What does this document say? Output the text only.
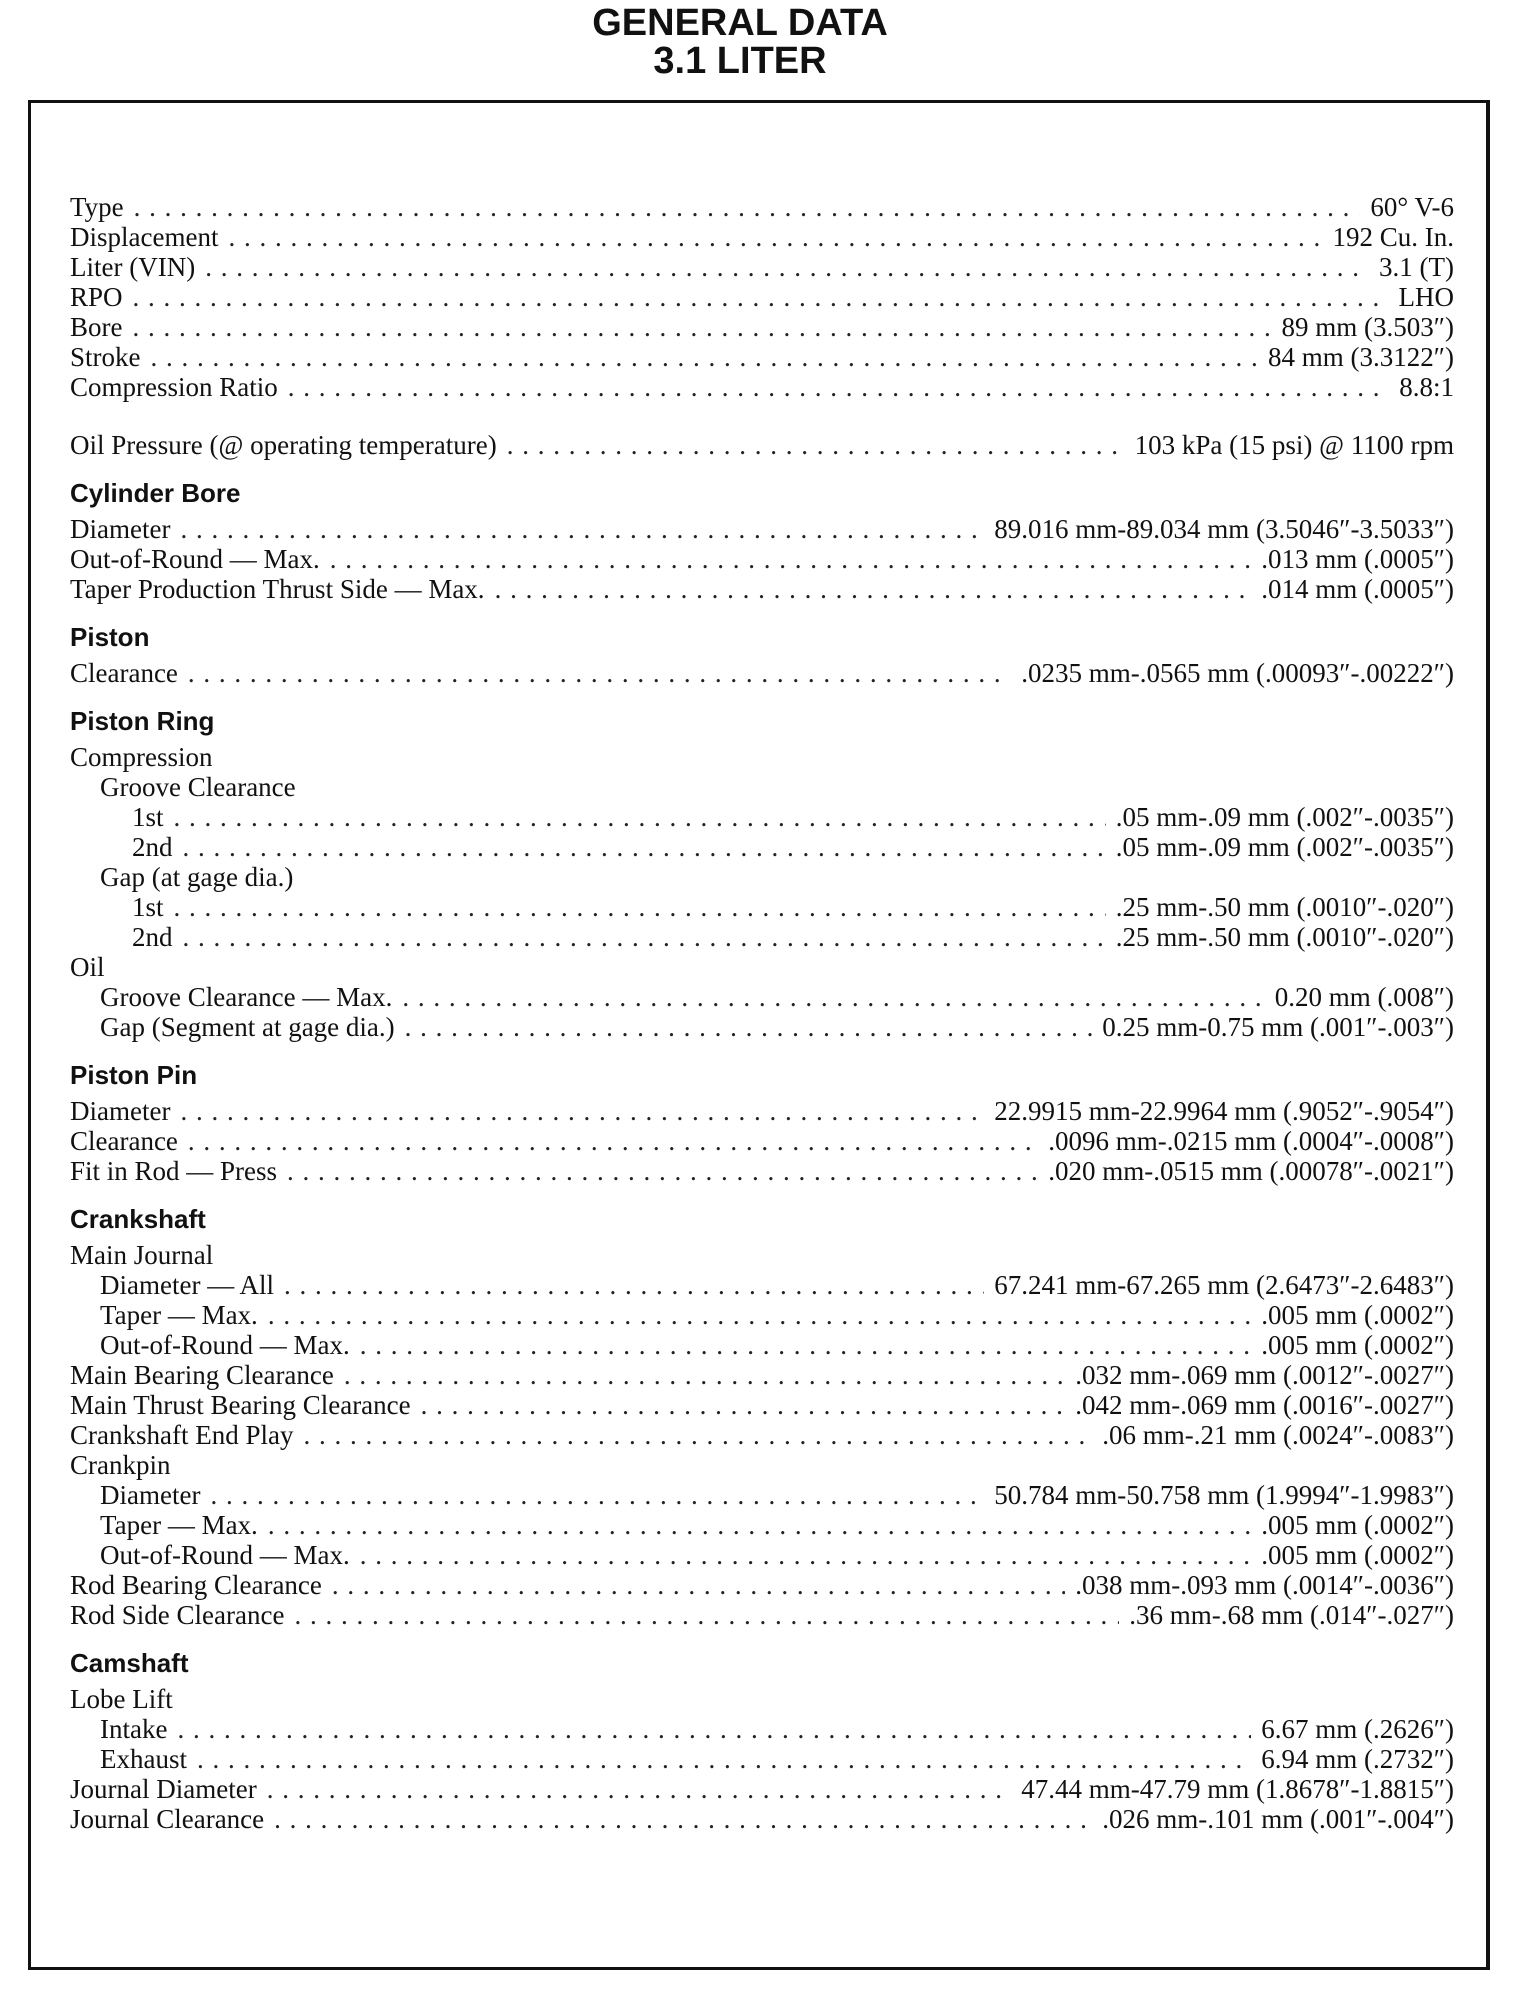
GENERAL DATA
3.1 LITER
Type . . .	60° V-6
Displacement . . .	192 Cu. In.
Liter (VIN) . . .	3.1 (T)
RPO . . .	LHO
Bore . . .	89 mm (3.503″)
Stroke . . .	84 mm (3.3122″)
Compression Ratio . . .	8.8:1
Oil Pressure (@ operating temperature) . . .	103 kPa (15 psi) @ 1100 rpm
Cylinder Bore
Diameter . . .	89.016 mm-89.034 mm (3.5046″-3.5033″)
Out-of-Round — Max. . . .	.013 mm (.0005″)
Taper Production Thrust Side — Max. . . .	.014 mm (.0005″)
Piston
Clearance . . .	.0235 mm-.0565 mm (.00093″-.00222″)
Piston Ring
Compression
Groove Clearance
1st . . .	.05 mm-.09 mm (.002″-.0035″)
2nd . . .	.05 mm-.09 mm (.002″-.0035″)
Gap (at gage dia.)
1st . . .	.25 mm-.50 mm (.0010″-.020″)
2nd . . .	.25 mm-.50 mm (.0010″-.020″)
Oil
Groove Clearance — Max. . . .	0.20 mm (.008″)
Gap (Segment at gage dia.) . . .	0.25 mm-0.75 mm (.001″-.003″)
Piston Pin
Diameter . . .	22.9915 mm-22.9964 mm (.9052″-.9054″)
Clearance . . .	.0096 mm-.0215 mm (.0004″-.0008″)
Fit in Rod — Press . . .	.020 mm-.0515 mm (.00078″-.0021″)
Crankshaft
Main Journal
Diameter — All . . .	67.241 mm-67.265 mm (2.6473″-2.6483″)
Taper — Max. . . .	.005 mm (.0002″)
Out-of-Round — Max. . . .	.005 mm (.0002″)
Main Bearing Clearance . . .	.032 mm-.069 mm (.0012″-.0027″)
Main Thrust Bearing Clearance . . .	.042 mm-.069 mm (.0016″-.0027″)
Crankshaft End Play . . .	.06 mm-.21 mm (.0024″-.0083″)
Crankpin
Diameter . . .	50.784 mm-50.758 mm (1.9994″-1.9983″)
Taper — Max. . . .	.005 mm (.0002″)
Out-of-Round — Max. . . .	.005 mm (.0002″)
Rod Bearing Clearance . . .	.038 mm-.093 mm (.0014″-.0036″)
Rod Side Clearance . . .	.36 mm-.68 mm (.014″-.027″)
Camshaft
Lobe Lift
Intake . . .	6.67 mm (.2626″)
Exhaust . . .	6.94 mm (.2732″)
Journal Diameter . . .	47.44 mm-47.79 mm (1.8678″-1.8815″)
Journal Clearance . . .	.026 mm-.101 mm (.001″-.004″)
